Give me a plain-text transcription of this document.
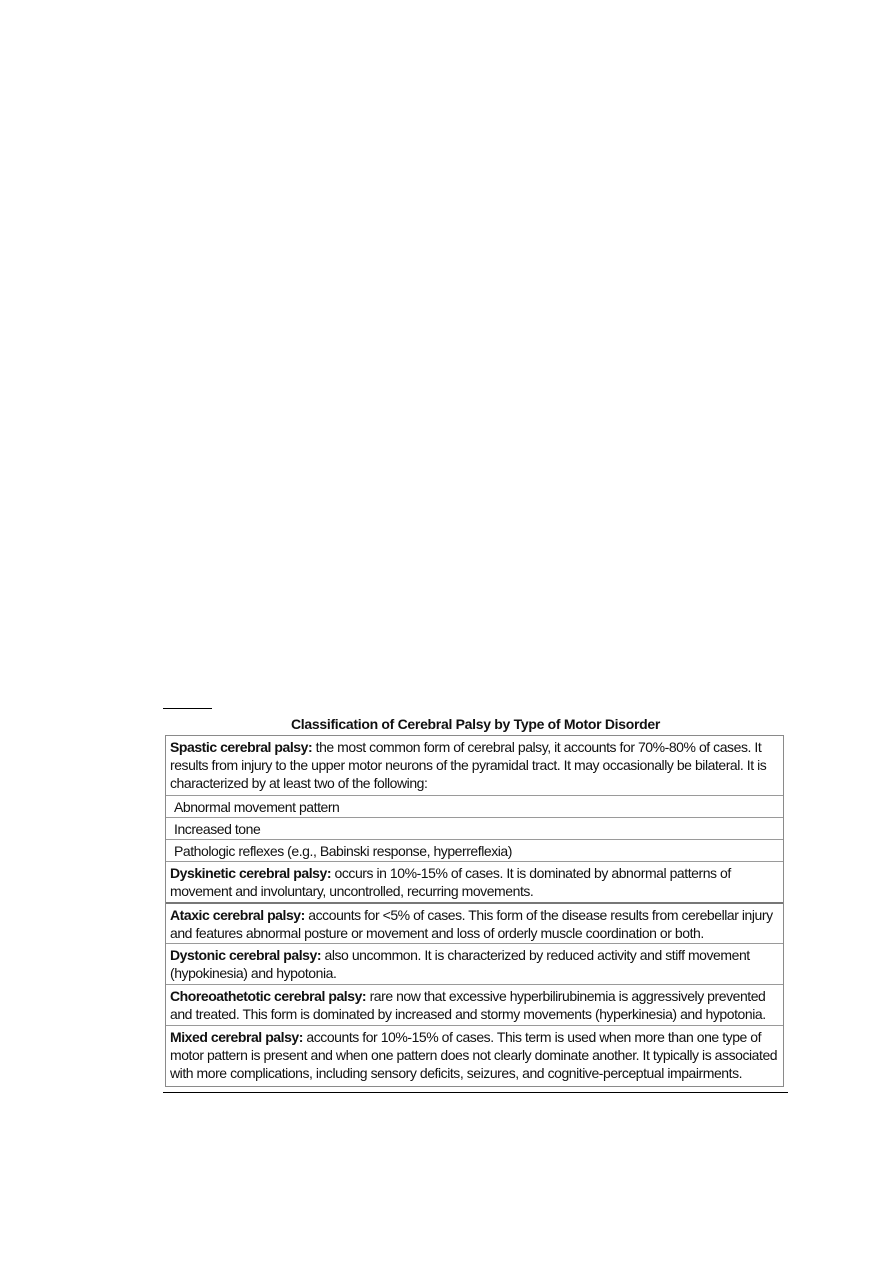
Classification of Cerebral Palsy by Type of Motor Disorder
Spastic cerebral palsy: the most common form of cerebral palsy, it accounts for 70%-80% of cases. It results from injury to the upper motor neurons of the pyramidal tract. It may occasionally be bilateral. It is characterized by at least two of the following:
Abnormal movement pattern
Increased tone
Pathologic reflexes (e.g., Babinski response, hyperreflexia)
Dyskinetic cerebral palsy: occurs in 10%-15% of cases. It is dominated by abnormal patterns of movement and involuntary, uncontrolled, recurring movements.
Ataxic cerebral palsy: accounts for <5% of cases. This form of the disease results from cerebellar injury and features abnormal posture or movement and loss of orderly muscle coordination or both.
Dystonic cerebral palsy: also uncommon. It is characterized by reduced activity and stiff movement (hypokinesia) and hypotonia.
Choreoathetotic cerebral palsy: rare now that excessive hyperbilirubinemia is aggressively prevented and treated. This form is dominated by increased and stormy movements (hyperkinesia) and hypotonia.
Mixed cerebral palsy: accounts for 10%-15% of cases. This term is used when more than one type of motor pattern is present and when one pattern does not clearly dominate another. It typically is associated with more complications, including sensory deficits, seizures, and cognitive-perceptual impairments.
